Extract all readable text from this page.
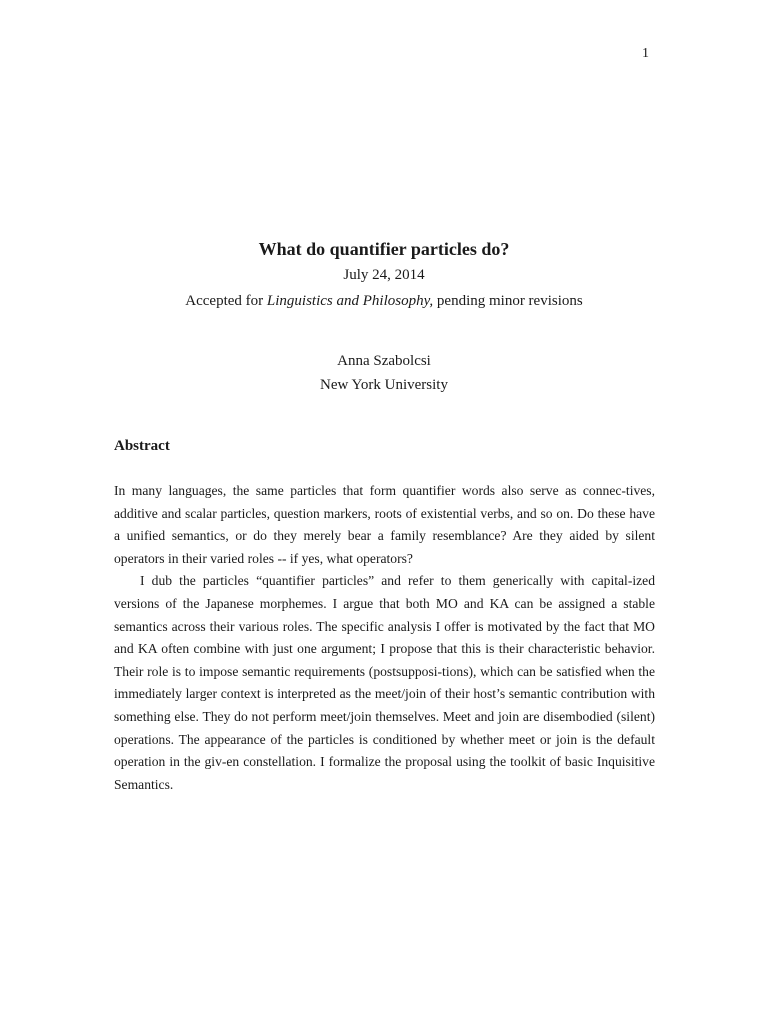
1

What do quantifier particles do?

July 24, 2014

Accepted for Linguistics and Philosophy, pending minor revisions

Anna Szabolcsi
New York University
Abstract

In many languages, the same particles that form quantifier words also serve as connec-tives, additive and scalar particles, question markers, roots of existential verbs, and so on. Do these have a unified semantics, or do they merely bear a family resemblance? Are they aided by silent operators in their varied roles -- if yes, what operators?

I dub the particles “quantifier particles” and refer to them generically with capital-ized versions of the Japanese morphemes. I argue that both MO and KA can be assigned a stable semantics across their various roles. The specific analysis I offer is motivated by the fact that MO and KA often combine with just one argument; I propose that this is their characteristic behavior. Their role is to impose semantic requirements (postsupposi-tions), which can be satisfied when the immediately larger context is interpreted as the meet/join of their host’s semantic contribution with something else. They do not perform meet/join themselves. Meet and join are disembodied (silent) operations. The appearance of the particles is conditioned by whether meet or join is the default operation in the giv-en constellation. I formalize the proposal using the toolkit of basic Inquisitive Semantics.
